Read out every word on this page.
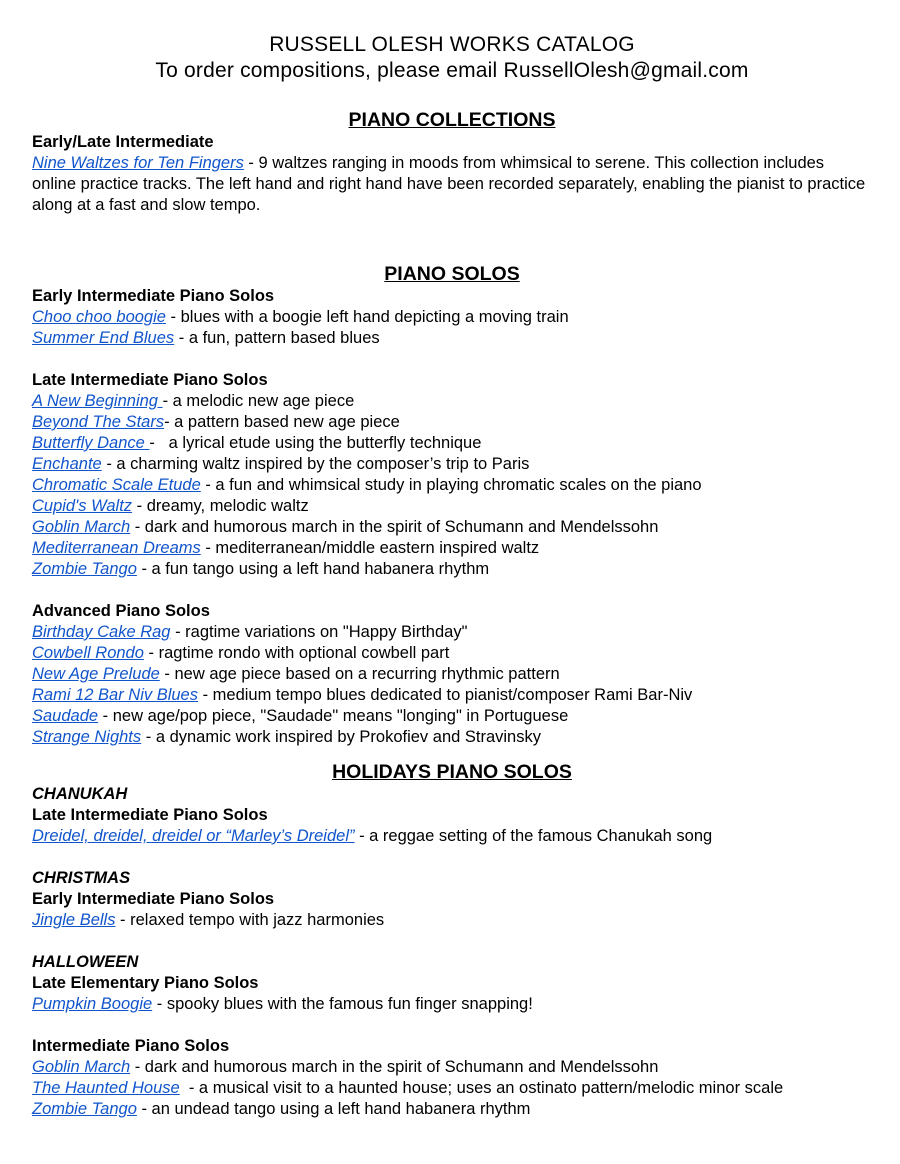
RUSSELL OLESH WORKS CATALOG
To order compositions, please email RussellOlesh@gmail.com
PIANO COLLECTIONS
Early/Late Intermediate
Nine Waltzes for Ten Fingers - 9 waltzes ranging in moods from whimsical to serene. This collection includes online practice tracks. The left hand and right hand have been recorded separately, enabling the pianist to practice along at a fast and slow tempo.
PIANO SOLOS
Early Intermediate Piano Solos
Choo choo boogie - blues with a boogie left hand depicting a moving train
Summer End Blues - a fun, pattern based blues
Late Intermediate Piano Solos
A New Beginning - a melodic new age piece
Beyond The Stars- a pattern based new age piece
Butterfly Dance -   a lyrical etude using the butterfly technique
Enchante - a charming waltz inspired by the composer’s trip to Paris
Chromatic Scale Etude - a fun and whimsical study in playing chromatic scales on the piano
Cupid's Waltz - dreamy, melodic waltz
Goblin March - dark and humorous march in the spirit of Schumann and Mendelssohn
Mediterranean Dreams - mediterranean/middle eastern inspired waltz
Zombie Tango - a fun tango using a left hand habanera rhythm
Advanced Piano Solos
Birthday Cake Rag - ragtime variations on "Happy Birthday"
Cowbell Rondo - ragtime rondo with optional cowbell part
New Age Prelude - new age piece based on a recurring rhythmic pattern
Rami 12 Bar Niv Blues - medium tempo blues dedicated to pianist/composer Rami Bar-Niv
Saudade - new age/pop piece, "Saudade" means "longing" in Portuguese
Strange Nights - a dynamic work inspired by Prokofiev and Stravinsky
HOLIDAYS PIANO SOLOS
CHANUKAH
Late Intermediate Piano Solos
Dreidel, dreidel, dreidel or “Marley’s Dreidel” - a reggae setting of the famous Chanukah song
CHRISTMAS
Early Intermediate Piano Solos
Jingle Bells - relaxed tempo with jazz harmonies
HALLOWEEN
Late Elementary Piano Solos
Pumpkin Boogie - spooky blues with the famous fun finger snapping!
Intermediate Piano Solos
Goblin March - dark and humorous march in the spirit of Schumann and Mendelssohn
The Haunted House  - a musical visit to a haunted house; uses an ostinato pattern/melodic minor scale
Zombie Tango - an undead tango using a left hand habanera rhythm
